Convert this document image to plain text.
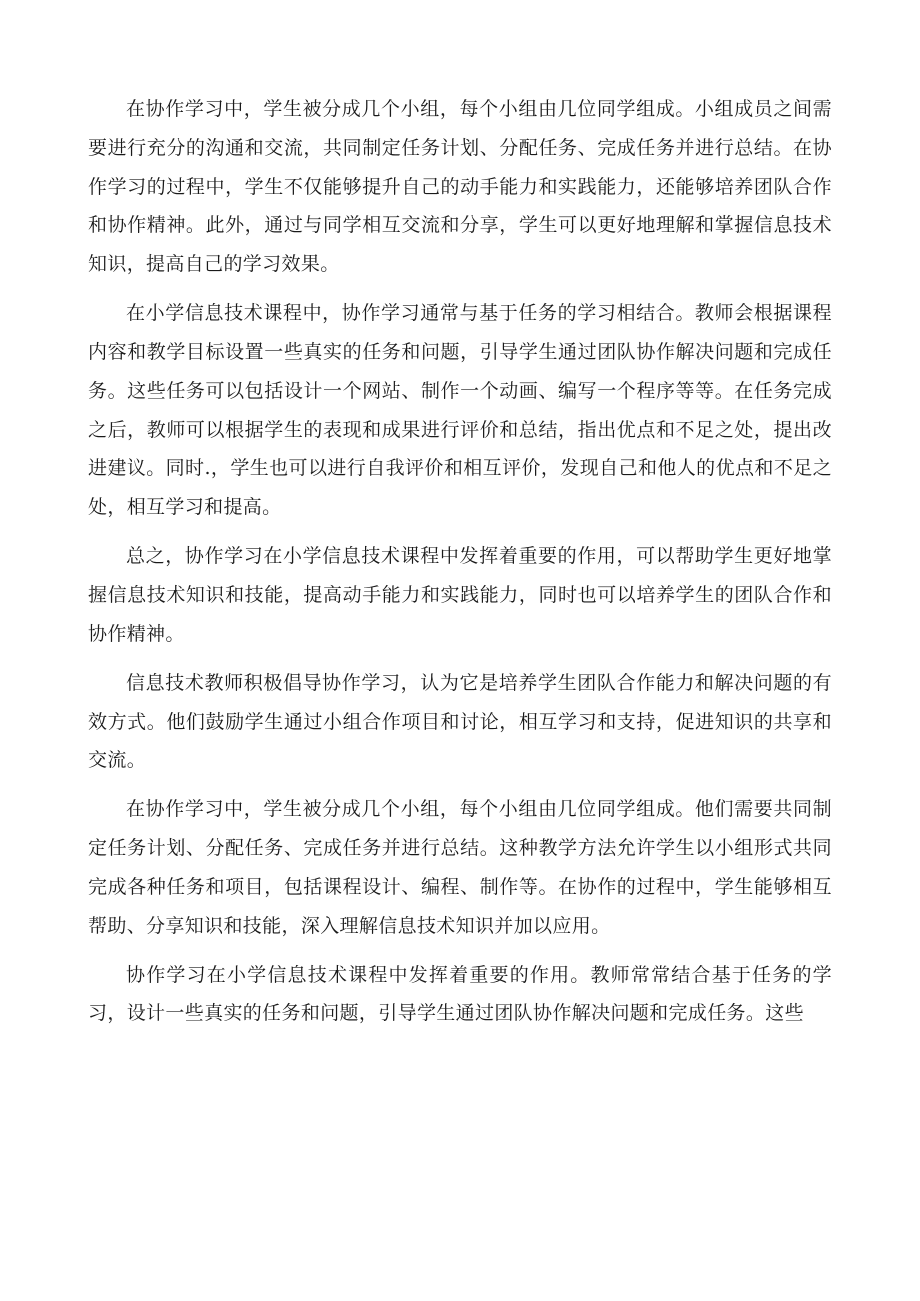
在协作学习中，学生被分成几个小组，每个小组由几位同学组成。小组成员之间需要进行充分的沟通和交流，共同制定任务计划、分配任务、完成任务并进行总结。在协作学习的过程中，学生不仅能够提升自己的动手能力和实践能力，还能够培养团队合作和协作精神。此外，通过与同学相互交流和分享，学生可以更好地理解和掌握信息技术知识，提高自己的学习效果。

在小学信息技术课程中，协作学习通常与基于任务的学习相结合。教师会根据课程内容和教学目标设置一些真实的任务和问题，引导学生通过团队协作解决问题和完成任务。这些任务可以包括设计一个网站、制作一个动画、编写一个程序等等。在任务完成之后，教师可以根据学生的表现和成果进行评价和总结，指出优点和不足之处，提出改进建议。同时.，学生也可以进行自我评价和相互评价，发现自己和他人的优点和不足之处，相互学习和提高。

总之，协作学习在小学信息技术课程中发挥着重要的作用，可以帮助学生更好地掌握信息技术知识和技能，提高动手能力和实践能力，同时也可以培养学生的团队合作和协作精神。

信息技术教师积极倡导协作学习，认为它是培养学生团队合作能力和解决问题的有效方式。他们鼓励学生通过小组合作项目和讨论，相互学习和支持，促进知识的共享和交流。

在协作学习中，学生被分成几个小组，每个小组由几位同学组成。他们需要共同制定任务计划、分配任务、完成任务并进行总结。这种教学方法允许学生以小组形式共同完成各种任务和项目，包括课程设计、编程、制作等。在协作的过程中，学生能够相互帮助、分享知识和技能，深入理解信息技术知识并加以应用。

协作学习在小学信息技术课程中发挥着重要的作用。教师常常结合基于任务的学习，设计一些真实的任务和问题，引导学生通过团队协作解决问题和完成任务。这些
